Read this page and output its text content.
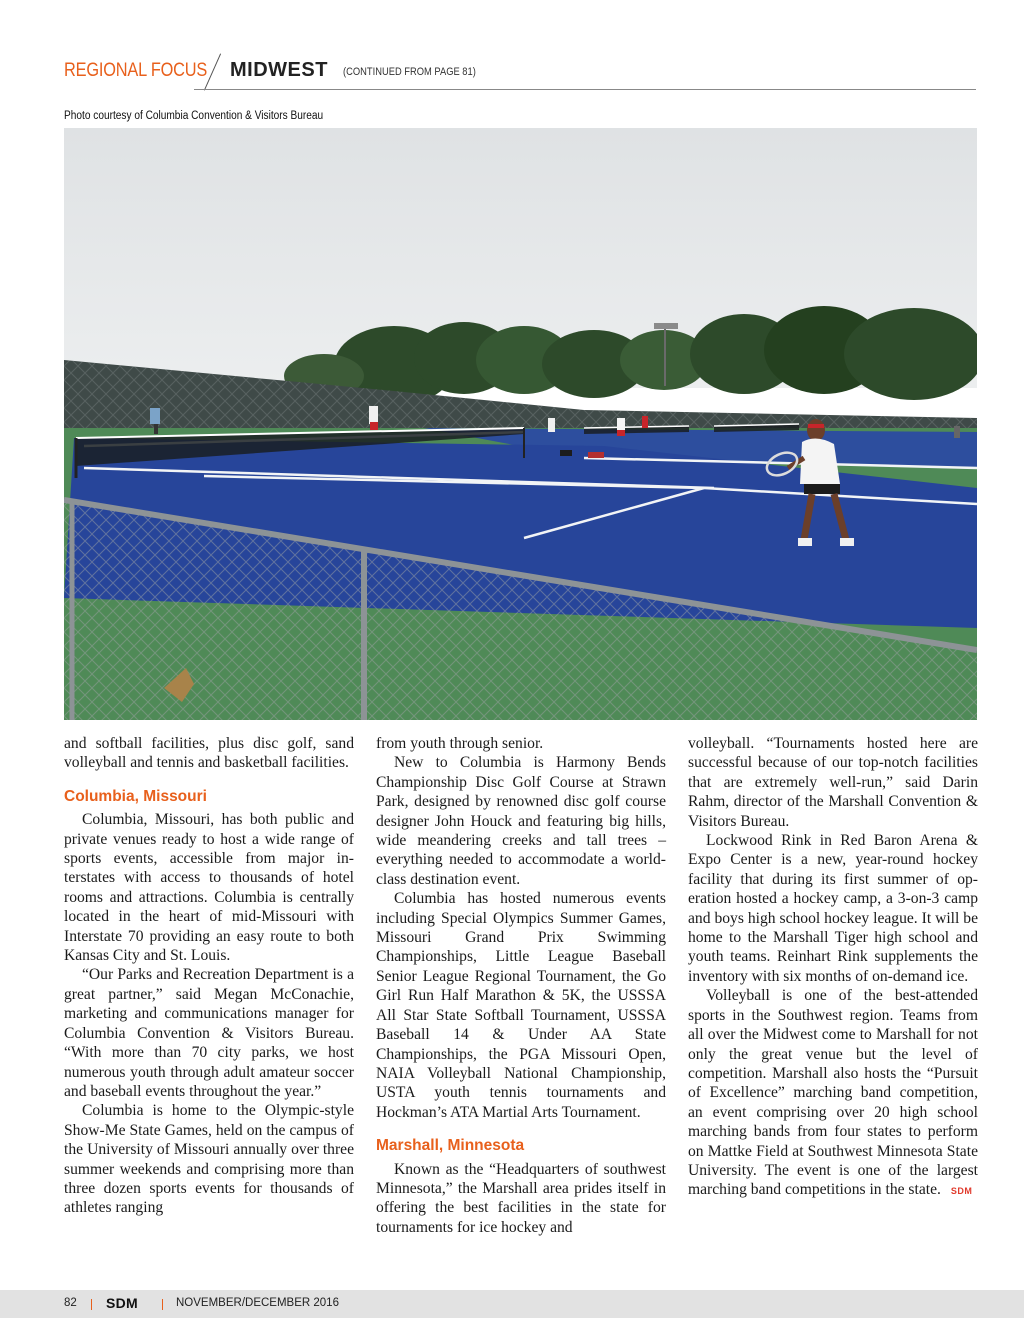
REGIONAL FOCUS MIDWEST (CONTINUED FROM PAGE 81)
Photo courtesy of Columbia Convention & Visitors Bureau

and softball facilities, plus disc golf, sand volleyball and tennis and basketball facilities.

Columbia, Missouri

Columbia, Missouri, has both public and private venues ready to host a wide range of sports events, accessible from major interstates with access to thousands of hotel rooms and attractions. Columbia is centrally located in the heart of mid-Missouri with Interstate 70 providing an easy route to both Kansas City and St. Louis.

“Our Parks and Recreation Department is a great partner,” said Megan McConachie, marketing and communications manager for Columbia Convention & Visitors Bureau. “With more than 70 city parks, we host numerous youth through adult amateur soccer and baseball events throughout the year.”

Columbia is home to the Olympic-style Show-Me State Games, held on the campus of the University of Missouri annually over three summer weekends and comprising more than three dozen sports events for thousands of athletes ranging

from youth through senior.

New to Columbia is Harmony Bends Championship Disc Golf Course at Strawn Park, designed by renowned disc golf course designer John Houck and featuring big hills, wide meandering creeks and tall trees – everything needed to accommodate a world-class destination event.

Columbia has hosted numerous events including Special Olympics Summer Games, Missouri Grand Prix Swimming Championships, Little League Baseball Senior League Regional Tournament, the Go Girl Run Half Marathon & 5K, the USSSA All Star State Softball Tournament, USSSA Baseball 14 & Under AA State Championships, the PGA Missouri Open, NAIA Volleyball National Championship, USTA youth tennis tournaments and Hockman’s ATA Martial Arts Tournament.

Marshall, Minnesota

Known as the “Headquarters of southwest Minnesota,” the Marshall area prides itself in offering the best facilities in the state for tournaments for ice hockey and

volleyball. “Tournaments hosted here are successful because of our top-notch facilities that are extremely well-run,” said Darin Rahm, director of the Marshall Convention & Visitors Bureau.

Lockwood Rink in Red Baron Arena & Expo Center is a new, year-round hockey facility that during its first summer of operation hosted a hockey camp, a 3-on-3 camp and boys high school hockey league. It will be home to the Marshall Tiger high school and youth teams. Reinhart Rink supplements the inventory with six months of on-demand ice.

Volleyball is one of the best-attended sports in the Southwest region. Teams from all over the Midwest come to Marshall for not only the great venue but the level of competition. Marshall also hosts the “Pursuit of Excellence” marching band competition, an event comprising over 20 high school marching bands from four states to perform on Mattke Field at Southwest Minnesota State University. The event is one of the largest marching band competitions in the state. SDM

82 SDM	NOVEMBER/DECEMBER 2016
